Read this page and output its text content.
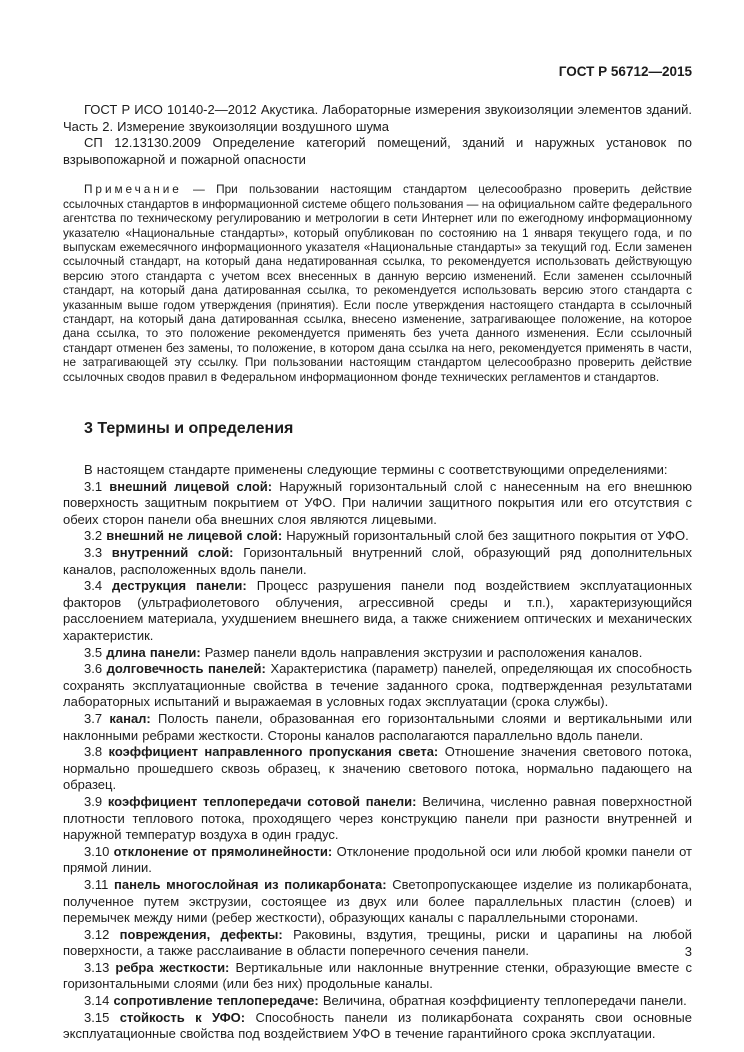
ГОСТ Р 56712—2015

ГОСТ Р ИСО 10140-2—2012 Акустика. Лабораторные измерения звукоизоляции элементов зданий. Часть 2. Измерение звукоизоляции воздушного шума

СП 12.13130.2009 Определение категорий помещений, зданий и наружных установок по взрывопожарной и пожарной опасности

Примечание — При пользовании настоящим стандартом целесообразно проверить действие ссылочных стандартов в информационной системе общего пользования — на официальном сайте федерального агентства по техническому регулированию и метрологии в сети Интернет или по ежегодному информационному указателю «Национальные стандарты», который опубликован по состоянию на 1 января текущего года, и по выпускам ежемесячного информационного указателя «Национальные стандарты» за текущий год. Если заменен ссылочный стандарт, на который дана недатированная ссылка, то рекомендуется использовать действующую версию этого стандарта с учетом всех внесенных в данную версию изменений. Если заменен ссылочный стандарт, на который дана датированная ссылка, то рекомендуется использовать версию этого стандарта с указанным выше годом утверждения (принятия). Если после утверждения настоящего стандарта в ссылочный стандарт, на который дана датированная ссылка, внесено изменение, затрагивающее положение, на которое дана ссылка, то это положение рекомендуется применять без учета данного изменения. Если ссылочный стандарт отменен без замены, то положение, в котором дана ссылка на него, рекомендуется применять в части, не затрагивающей эту ссылку. При пользовании настоящим стандартом целесообразно проверить действие ссылочных сводов правил в Федеральном информационном фонде технических регламентов и стандартов.

3 Термины и определения

В настоящем стандарте применены следующие термины с соответствующими определениями:

3.1 внешний лицевой слой: Наружный горизонтальный слой с нанесенным на его внешнюю поверхность защитным покрытием от УФО. При наличии защитного покрытия или его отсутствия с обеих сторон панели оба внешних слоя являются лицевыми.

3.2 внешний не лицевой слой: Наружный горизонтальный слой без защитного покрытия от УФО.

3.3 внутренний слой: Горизонтальный внутренний слой, образующий ряд дополнительных каналов, расположенных вдоль панели.

3.4 деструкция панели: Процесс разрушения панели под воздействием эксплуатационных факторов (ультрафиолетового облучения, агрессивной среды и т.п.), характеризующийся расслоением материала, ухудшением внешнего вида, а также снижением оптических и механических характеристик.

3.5 длина панели: Размер панели вдоль направления экструзии и расположения каналов.

3.6 долговечность панелей: Характеристика (параметр) панелей, определяющая их способность сохранять эксплуатационные свойства в течение заданного срока, подтвержденная результатами лабораторных испытаний и выражаемая в условных годах эксплуатации (срока службы).

3.7 канал: Полость панели, образованная его горизонтальными слоями и вертикальными или наклонными ребрами жесткости. Стороны каналов располагаются параллельно вдоль панели.

3.8 коэффициент направленного пропускания света: Отношение значения светового потока, нормально прошедшего сквозь образец, к значению светового потока, нормально падающего на образец.

3.9 коэффициент теплопередачи сотовой панели: Величина, численно равная поверхностной плотности теплового потока, проходящего через конструкцию панели при разности внутренней и наружной температур воздуха в один градус.

3.10 отклонение от прямолинейности: Отклонение продольной оси или любой кромки панели от прямой линии.

3.11 панель многослойная из поликарбоната: Светопропускающее изделие из поликарбоната, полученное путем экструзии, состоящее из двух или более параллельных пластин (слоев) и перемычек между ними (ребер жесткости), образующих каналы с параллельными сторонами.

3.12 повреждения, дефекты: Раковины, вздутия, трещины, риски и царапины на любой поверхности, а также расслаивание в области поперечного сечения панели.

3.13 ребра жесткости: Вертикальные или наклонные внутренние стенки, образующие вместе с горизонтальными слоями (или без них) продольные каналы.

3.14 сопротивление теплопередаче: Величина, обратная коэффициенту теплопередачи панели.

3.15 стойкость к УФО: Способность панели из поликарбоната сохранять свои основные эксплуатационные свойства под воздействием УФО в течение гарантийного срока эксплуатации.

3
